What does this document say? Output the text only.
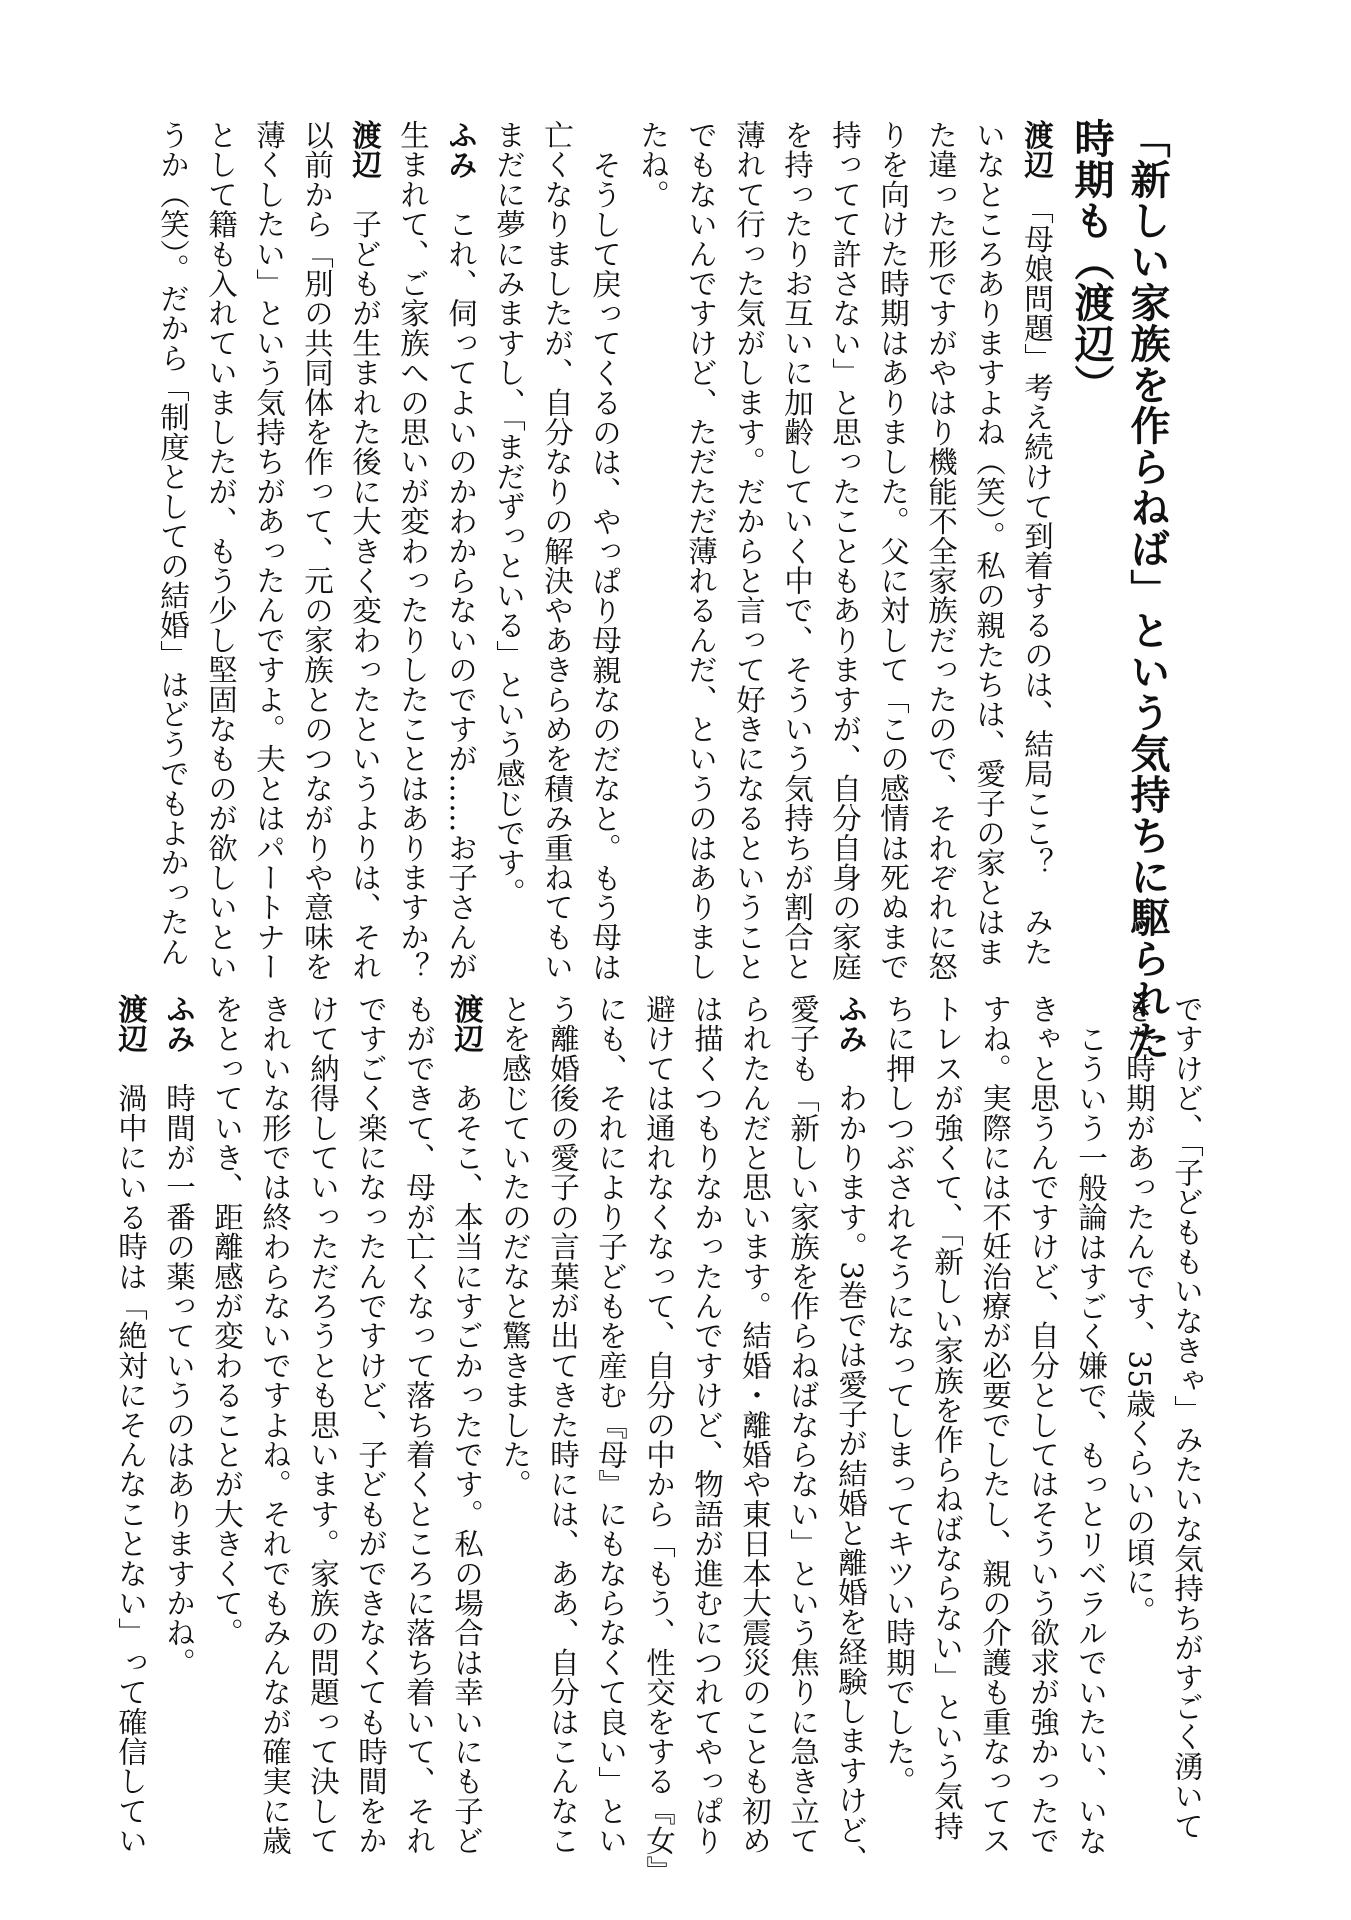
「新しい家族を作らねば」という気持ちに駆られた
時期も（渡辺）
渡辺　「母娘問題」考え続けて到着するのは、結局ここ？　みた
いなところありますよね（笑）。私の親たちは、愛子の家とはま
た違った形ですがやはり機能不全家族だったので、それぞれに怒
りを向けた時期はありました。父に対して「この感情は死ぬまで
持ってて許さない」と思ったこともありますが、自分自身の家庭
を持ったりお互いに加齢していく中で、そういう気持ちが割合と
薄れて行った気がします。だからと言って好きになるということ
でもないんですけど、ただただ薄れるんだ、というのはありまし
たね。
そうして戻ってくるのは、やっぱり母親なのだなと。もう母は
亡くなりましたが、自分なりの解決やあきらめを積み重ねてもい
まだに夢にみますし、「まだずっといる」という感じです。
ふみ　これ、伺ってよいのかわからないのですが……お子さんが
生まれて、ご家族への思いが変わったりしたことはありますか？
渡辺　子どもが生まれた後に大きく変わったというよりは、それ
以前から「別の共同体を作って、元の家族とのつながりや意味を
薄くしたい」という気持ちがあったんですよ。夫とはパートナー
として籍も入れていましたが、もう少し堅固なものが欲しいとい
うか（笑）。だから「制度としての結婚」はどうでもよかったん
ですけど、「子どももいなきゃ」みたいな気持ちがすごく湧いて
きた時期があったんです、35歳くらいの頃に。
こういう一般論はすごく嫌で、もっとリベラルでいたい、いな
きゃと思うんですけど、自分としてはそういう欲求が強かったで
すね。実際には不妊治療が必要でしたし、親の介護も重なってス
トレスが強くて、「新しい家族を作らねばならない」という気持
ちに押しつぶされそうになってしまってキツい時期でした。
ふみ　わかります。3巻では愛子が結婚と離婚を経験しますけど、
愛子も「新しい家族を作らねばならない」という焦りに急き立て
られたんだと思います。結婚・離婚や東日本大震災のことも初め
は描くつもりなかったんですけど、物語が進むにつれてやっぱり
避けては通れなくなって、自分の中から「もう、性交をする『女』
にも、それにより子どもを産む『母』にもならなくて良い」とい
う離婚後の愛子の言葉が出てきた時には、ああ、自分はこんなこ
とを感じていたのだなと驚きました。
渡辺　あそこ、本当にすごかったです。私の場合は幸いにも子ど
もができて、母が亡くなって落ち着くところに落ち着いて、それ
ですごく楽になったんですけど、子どもができなくても時間をか
けて納得していっただろうとも思います。家族の問題って決して
きれいな形では終わらないですよね。それでもみんなが確実に歳
をとっていき、距離感が変わることが大きくて。
ふみ　時間が一番の薬っていうのはありますかね。
渡辺　渦中にいる時は「絶対にそんなことない」って確信してい
